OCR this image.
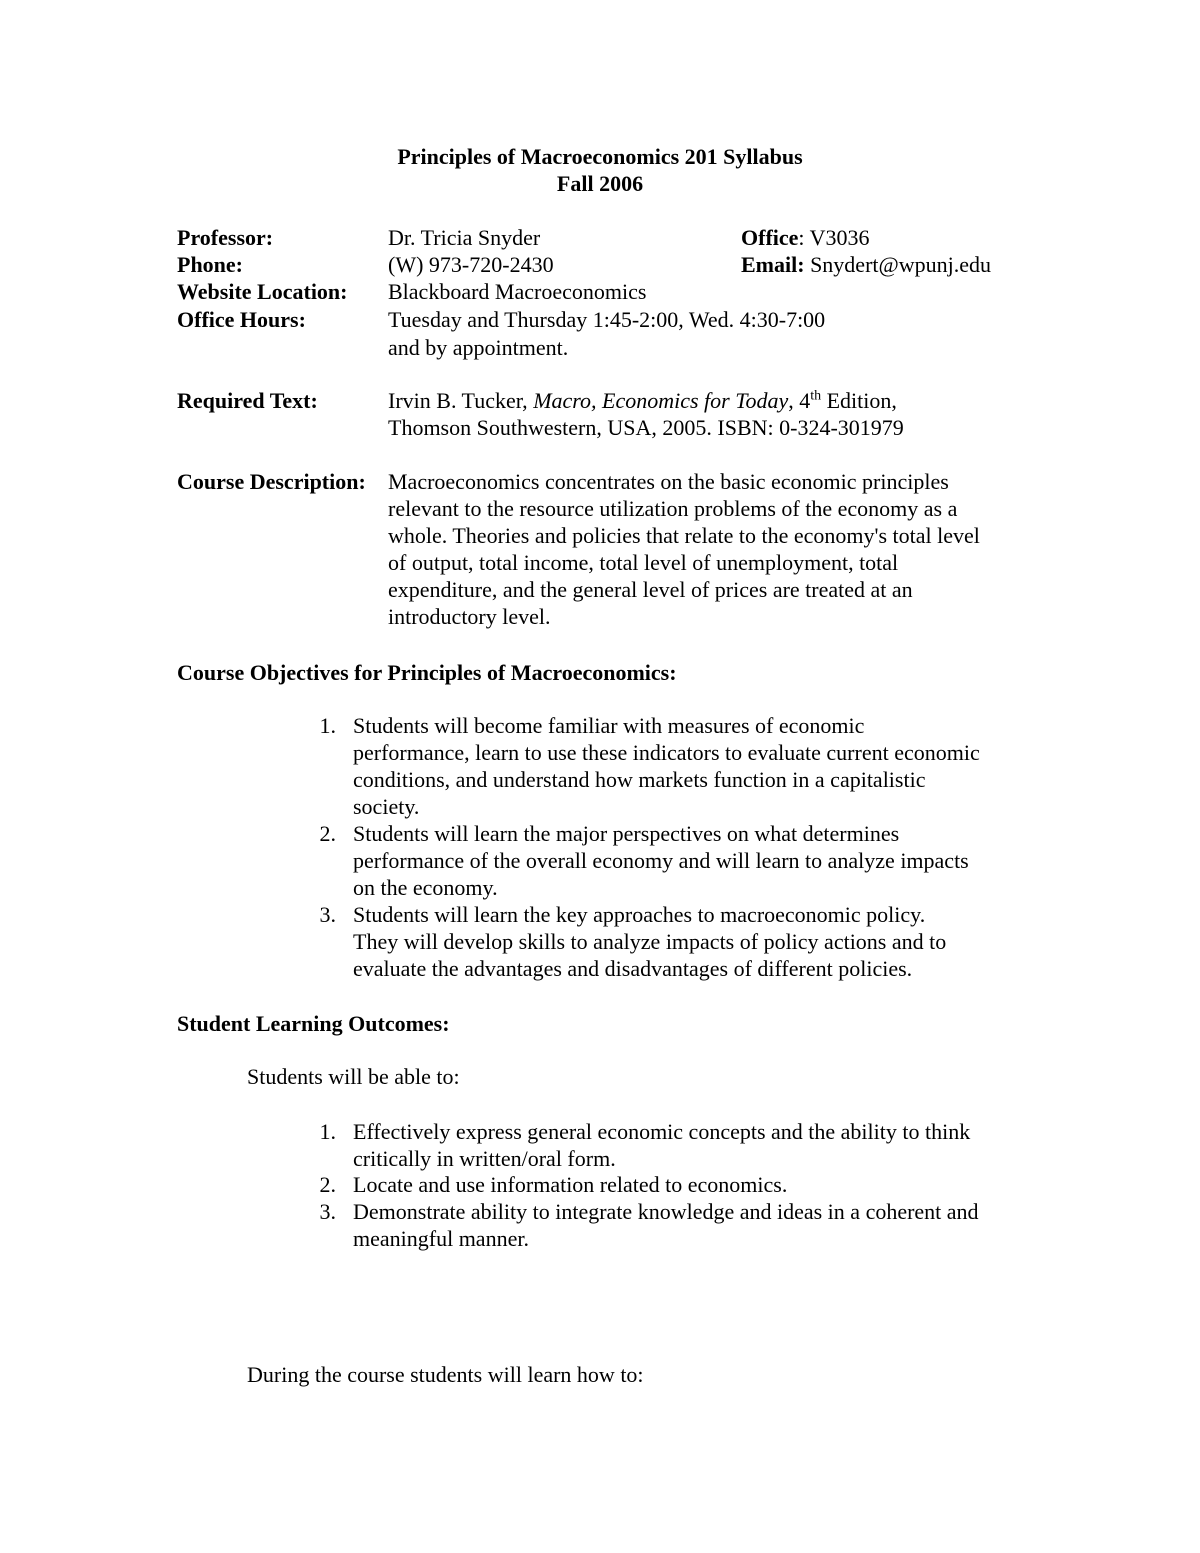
Principles of Macroeconomics 201 Syllabus
Fall 2006
Professor:	Dr. Tricia Snyder	Office: V3036
Phone:	(W) 973-720-2430	Email: Snydert@wpunj.edu
Website Location: Blackboard Macroeconomics
Office Hours:	Tuesday and Thursday 1:45-2:00, Wed. 4:30-7:00
and by appointment.
Required Text:	Irvin B. Tucker, Macro, Economics for Today, 4th Edition,
Thomson Southwestern, USA, 2005. ISBN: 0-324-301979
Course Description: Macroeconomics concentrates on the basic economic principles
relevant to the resource utilization problems of the economy as a
whole. Theories and policies that relate to the economy's total level
of output, total income, total level of unemployment, total
expenditure, and the general level of prices are treated at an
introductory level.
Course Objectives for Principles of Macroeconomics:
1. Students will become familiar with measures of economic
performance, learn to use these indicators to evaluate current economic
conditions, and understand how markets function in a capitalistic
society.
2. Students will learn the major perspectives on what determines
performance of the overall economy and will learn to analyze impacts
on the economy.
3. Students will learn the key approaches to macroeconomic policy.
They will develop skills to analyze impacts of policy actions and to
evaluate the advantages and disadvantages of different policies.
Student Learning Outcomes:
Students will be able to:
1. Effectively express general economic concepts and the ability to think
critically in written/oral form.
2. Locate and use information related to economics.
3. Demonstrate ability to integrate knowledge and ideas in a coherent and
meaningful manner.
During the course students will learn how to:
